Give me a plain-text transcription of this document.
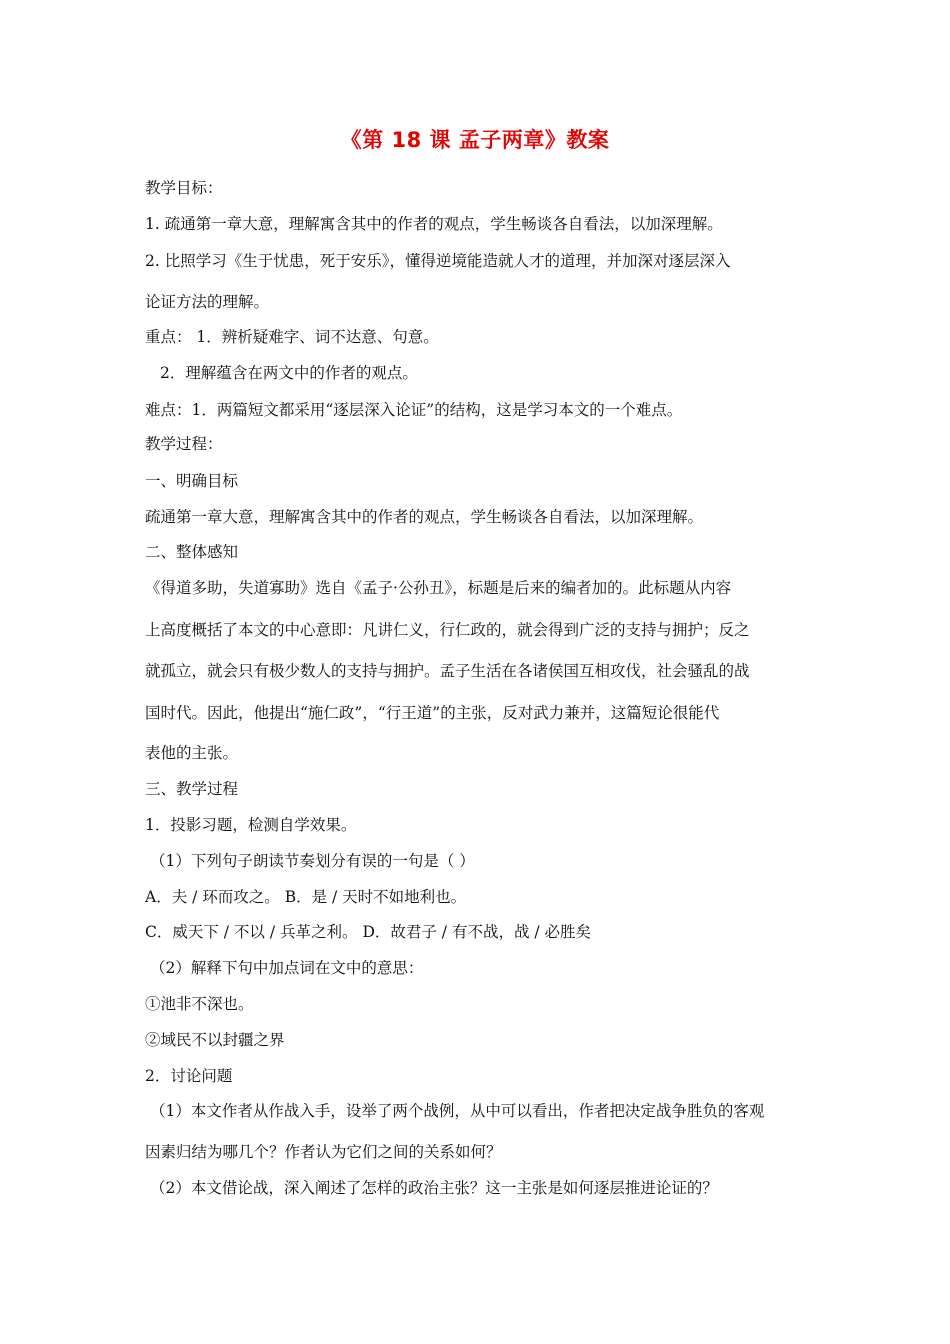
《第 18 课 孟子两章》教案
教学目标：
1. 疏通第一章大意，理解寓含其中的作者的观点，学生畅谈各自看法，以加深理解。
2. 比照学习《生于忧患，死于安乐》，懂得逆境能造就人才的道理，并加深对逐层深入
论证方法的理解。
重点： 1．辨析疑难字、词不达意、句意。
2．理解蕴含在两文中的作者的观点。
难点：1．两篇短文都采用“逐层深入论证”的结构，这是学习本文的一个难点。
教学过程：
一、明确目标
疏通第一章大意，理解寓含其中的作者的观点，学生畅谈各自看法，以加深理解。
二、整体感知
《得道多助，失道寡助》选自《孟子·公孙丑》，标题是后来的编者加的。此标题从内容
上高度概括了本文的中心意即：凡讲仁义，行仁政的，就会得到广泛的支持与拥护；反之
就孤立，就会只有极少数人的支持与拥护。孟子生活在各诸侯国互相攻伐，社会骚乱的战
国时代。因此，他提出“施仁政”，“行王道”的主张，反对武力兼并，这篇短论很能代
表他的主张。
三、教学过程
1．投影习题，检测自学效果。
（1）下列句子朗读节奏划分有误的一句是（ ）
A．夫 / 环而攻之。 B．是 / 天时不如地利也。
C．威天下 / 不以 / 兵革之利。 D．故君子 / 有不战，战 / 必胜矣
（2）解释下句中加点词在文中的意思：
①池非不深也。
②域民不以封疆之界
2．讨论问题
（1）本文作者从作战入手，设举了两个战例，从中可以看出，作者把决定战争胜负的客观
因素归结为哪几个？作者认为它们之间的关系如何？
（2）本文借论战，深入阐述了怎样的政治主张？这一主张是如何逐层推进论证的？
